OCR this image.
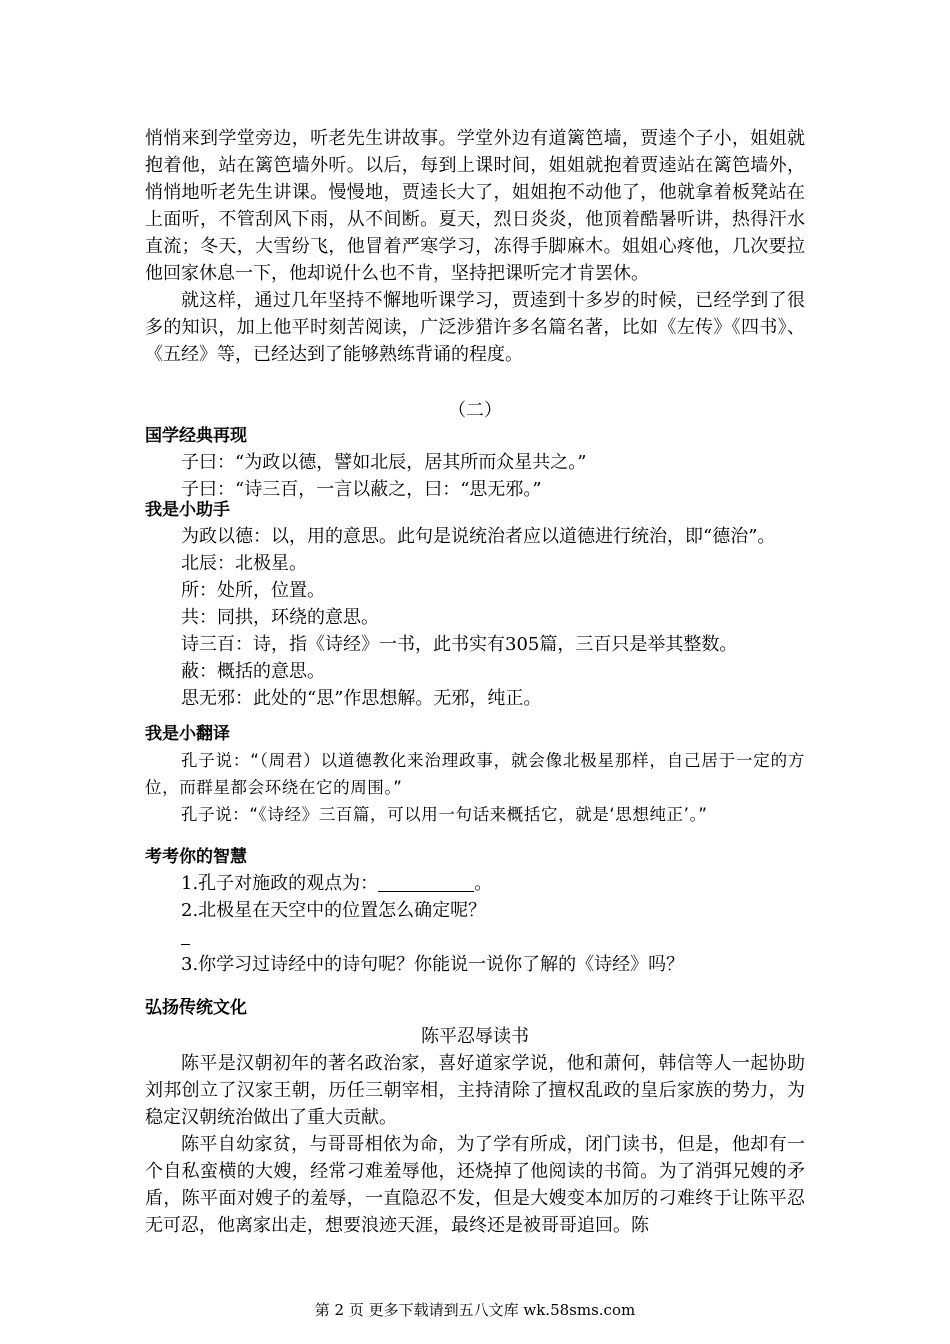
悄悄来到学堂旁边，听老先生讲故事。学堂外边有道篱笆墙，贾逵个子小，姐姐就抱着他，站在篱笆墙外听。以后，每到上课时间，姐姐就抱着贾逵站在篱笆墙外，悄悄地听老先生讲课。慢慢地，贾逵长大了，姐姐抱不动他了，他就拿着板凳站在上面听，不管刮风下雨，从不间断。夏天，烈日炎炎，他顶着酷暑听讲，热得汗水直流；冬天，大雪纷飞，他冒着严寒学习，冻得手脚麻木。姐姐心疼他，几次要拉他回家休息一下，他却说什么也不肯，坚持把课听完才肯罢休。

就这样，通过几年坚持不懈地听课学习，贾逵到十多岁的时候，已经学到了很多的知识，加上他平时刻苦阅读，广泛涉猎许多名篇名著，比如《左传》《四书》、《五经》等，已经达到了能够熟练背诵的程度。

（二）

国学经典再现

子曰：“为政以德，譬如北辰，居其所而众星共之。”

子曰：“诗三百，一言以蔽之，曰：“思无邪。”

我是小助手

为政以德：以，用的意思。此句是说统治者应以道德进行统治，即“德治”。

北辰：北极星。

所：处所，位置。

共：同拱，环绕的意思。

诗三百：诗，指《诗经》一书，此书实有305篇，三百只是举其整数。

蔽：概括的意思。

思无邪：此处的“思”作思想解。无邪，纯正。

我是小翻译

孔子说：“（周君）以道德教化来治理政事，就会像北极星那样，自己居于一定的方位，而群星都会环绕在它的周围。”

孔子说：“《诗经》三百篇，可以用一句话来概括它，就是‘思想纯正’。”

考考你的智慧

1.孔子对施政的观点为：	。

2.北极星在天空中的位置怎么确定呢？

3.你学习过诗经中的诗句呢？你能说一说你了解的《诗经》吗？

弘扬传统文化

陈平忍辱读书

陈平是汉朝初年的著名政治家，喜好道家学说，他和萧何，韩信等人一起协助刘邦创立了汉家王朝，历任三朝宰相，主持清除了擅权乱政的皇后家族的势力，为稳定汉朝统治做出了重大贡献。

陈平自幼家贫，与哥哥相依为命，为了学有所成，闭门读书，但是，他却有一个自私蛮横的大嫂，经常刁难羞辱他，还烧掉了他阅读的书简。为了消弭兄嫂的矛盾，陈平面对嫂子的羞辱，一直隐忍不发，但是大嫂变本加厉的刁难终于让陈平忍无可忍，他离家出走，想要浪迹天涯，最终还是被哥哥追回。陈

第 2 页 更多下载请到五八文库 wk.58sms.com
